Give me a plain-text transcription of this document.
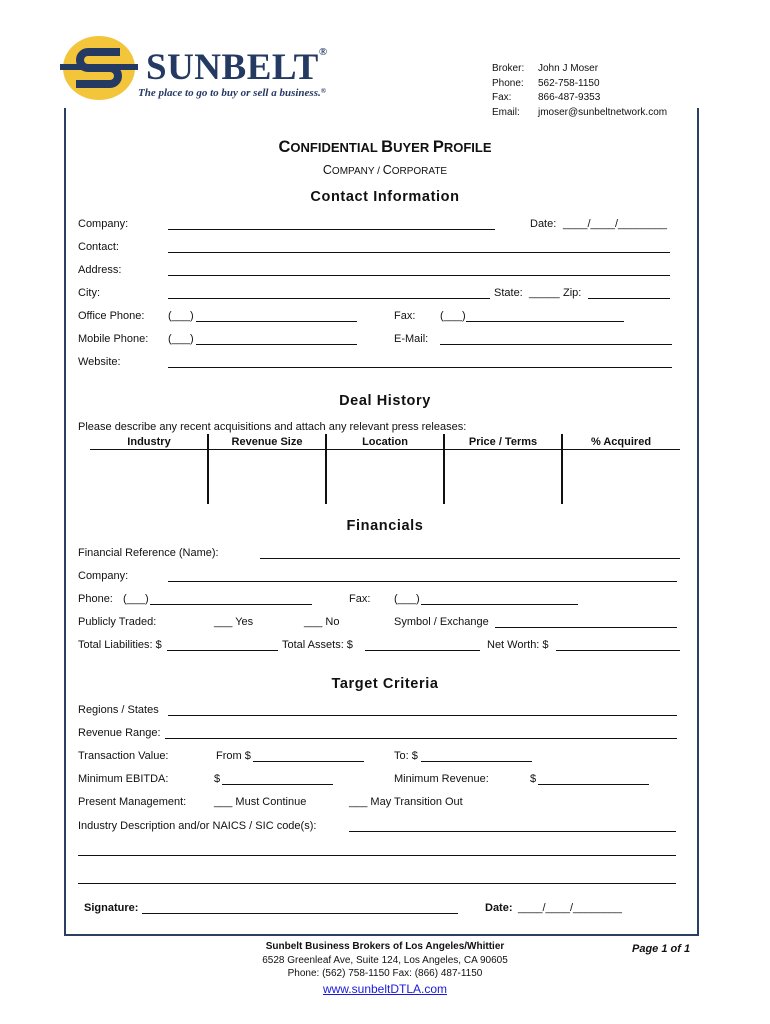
SUNBELT®
The place to go to buy or sell a business.®
Broker: John J Moser
Phone: 562-758-1150
Fax:	866-487-9353
Email: jmoser@sunbeltnetwork.com
CONFIDENTIAL BUYER PROFILE
COMPANY / CORPORATE
Contact Information
Company:	Date: ____/____/________
Contact:
Address:
City:	State: _____ Zip:
Office Phone: (___)	Fax: (___)
Mobile Phone: (___)	E-Mail:
Website:
Deal History
Please describe any recent acquisitions and attach any relevant press releases:
Industry	Revenue Size	Location	Price / Terms	% Acquired
Financials
Financial Reference (Name):
Company:
Phone: (___)	Fax: (___)
Publicly Traded:	___ Yes	___ No	Symbol / Exchange
Total Liabilities: $	Total Assets: $	Net Worth: $
Target Criteria
Regions / States
Revenue Range:
Transaction Value:	From $	To: $
Minimum EBITDA:	$	Minimum Revenue:	$
Present Management:	___ Must Continue	___ May Transition Out
Industry Description and/or NAICS / SIC code(s):
Signature:	Date: ____/____/________
Sunbelt Business Brokers of Los Angeles/Whittier
6528 Greenleaf Ave, Suite 124, Los Angeles, CA 90605
Phone: (562) 758-1150 Fax: (866) 487-1150
www.sunbeltDTLA.com
Page 1 of 1
